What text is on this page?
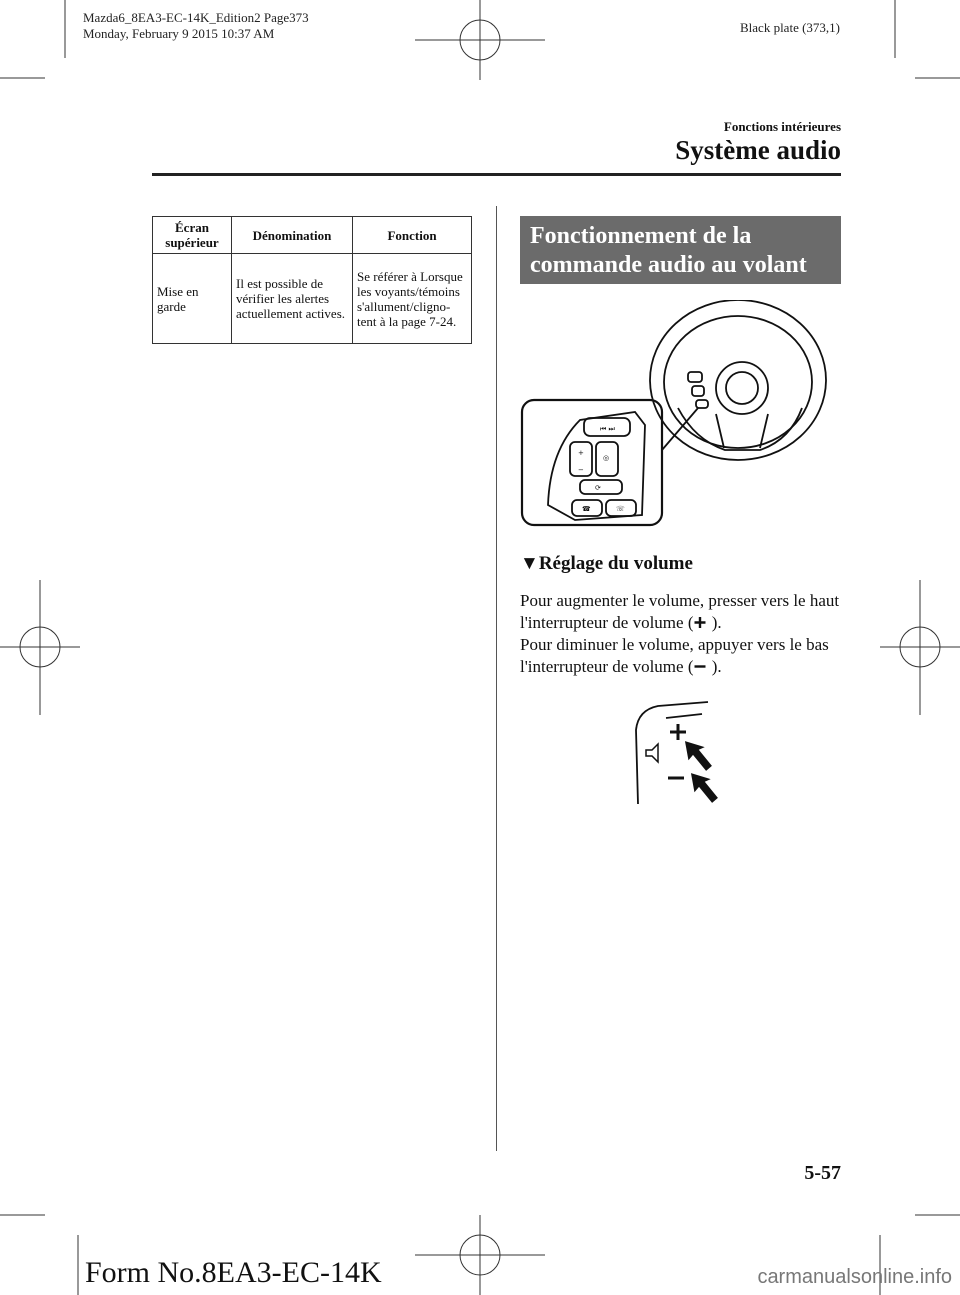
Mazda6_8EA3-EC-14K_Edition2 Page373
Monday, February 9 2015 10:37 AM	Black plate (373,1)
Fonctions intérieures
Système audio
Écran supérieur	Dénomination	Fonction
Mise en garde	Il est possible de vérifier les alertes actuellement actives.	Se référer à Lorsque les voyants/témoins s'allument/cligno-tent à la page 7-24.
Fonctionnement de la commande audio au volant
⏮ ⏭
+
−
◎
⟳
☎	☏
▼Réglage du volume
Pour augmenter le volume, presser vers le haut l'interrupteur de volume ( ).
Pour diminuer le volume, appuyer vers le bas l'interrupteur de volume ( ).
5-57
Form No.8EA3-EC-14K	carmanualsonline.info
